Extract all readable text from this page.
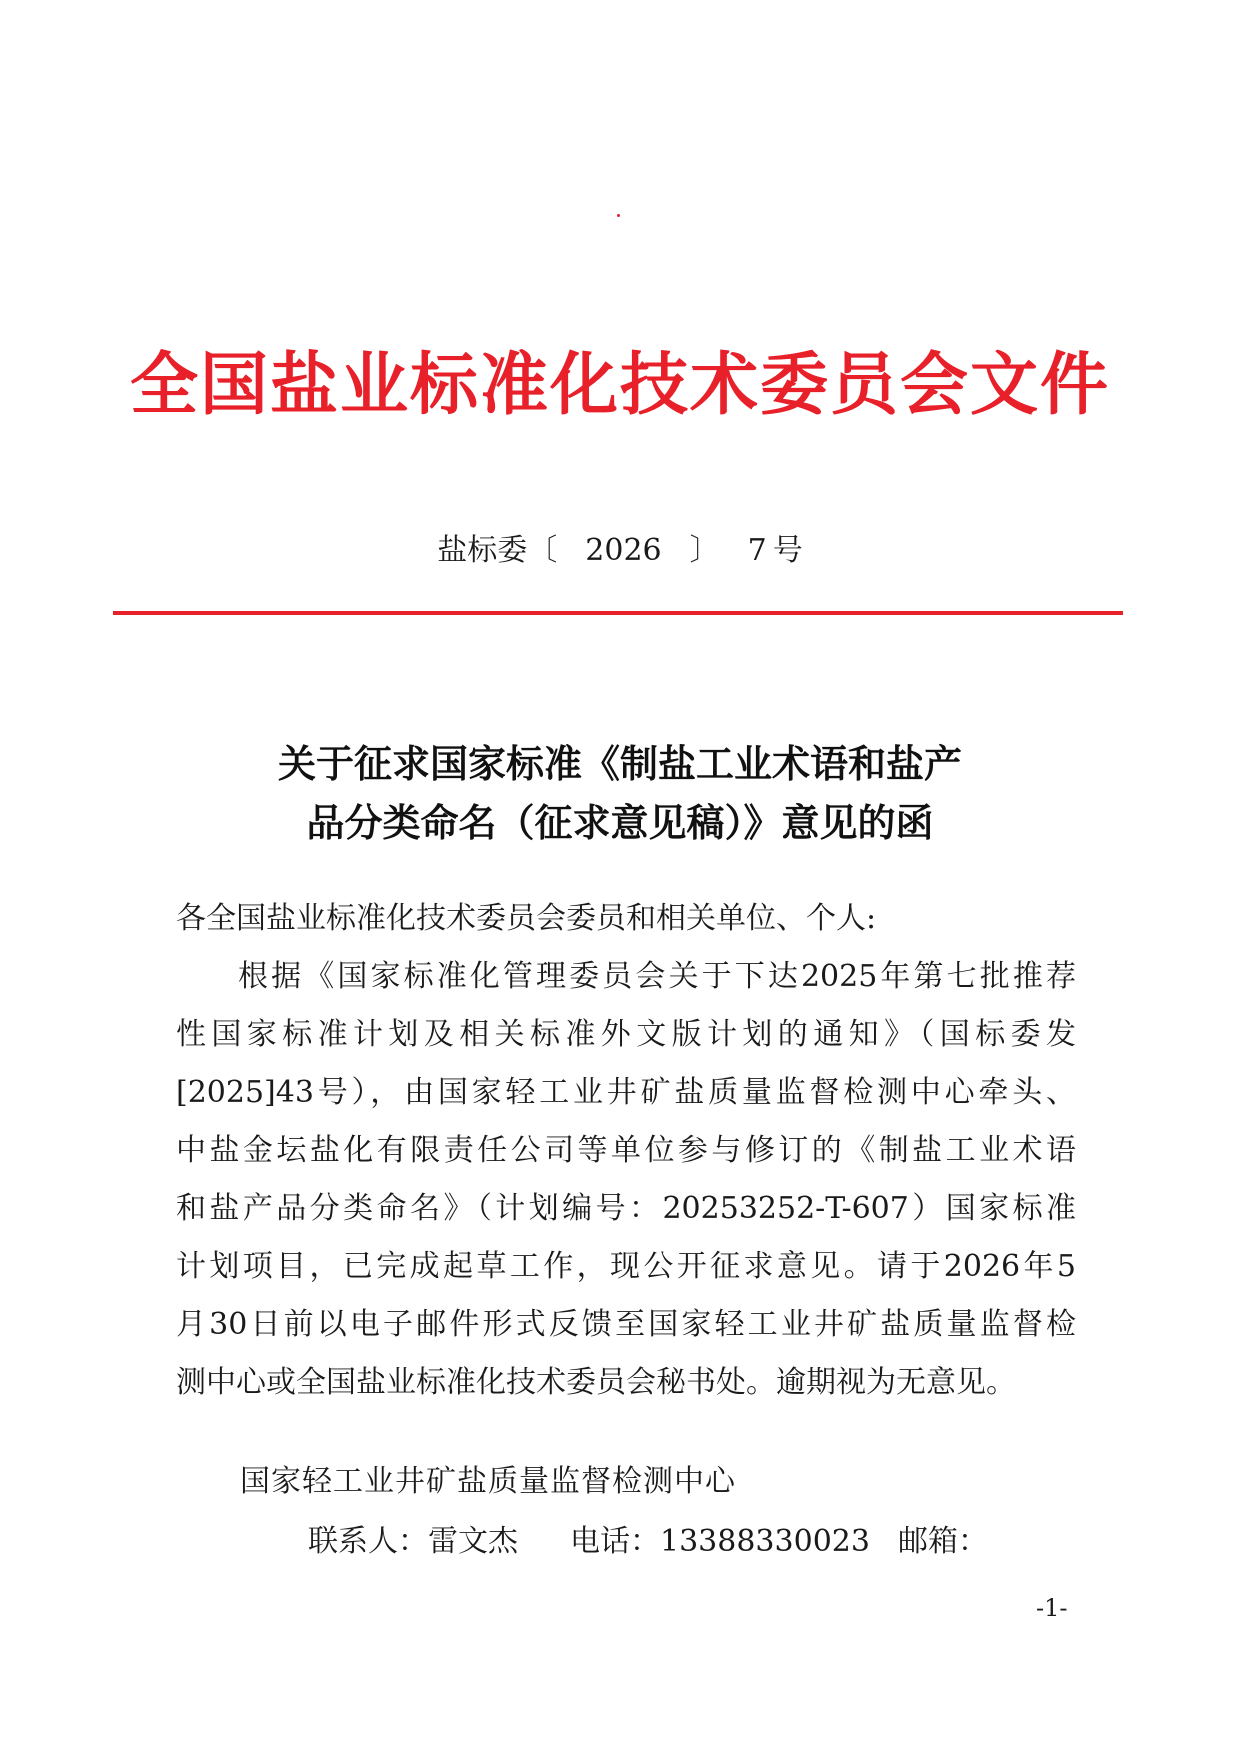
全国盐业标准化技术委员会文件
盐标委〔 2026 〕 7 号
关于征求国家标准《制盐工业术语和盐产
品分类命名（征求意见稿）》意见的函
各全国盐业标准化技术委员会委员和相关单位、个人:
根据《国家标准化管理委员会关于下达2025年第七批推荐
性国家标准计划及相关标准外文版计划的通知》（国标委发
[2025]43号），由国家轻工业井矿盐质量监督检测中心牵头、
中盐金坛盐化有限责任公司等单位参与修订的《制盐工业术语
和盐产品分类命名》（计划编号：20253252-T-607）国家标准
计划项目，已完成起草工作，现公开征求意见。请于2026年5
月30日前以电子邮件形式反馈至国家轻工业井矿盐质量监督检
测中心或全国盐业标准化技术委员会秘书处。逾期视为无意见。
国家轻工业井矿盐质量监督检测中心
联系人：雷文杰 电话：13388330023 邮箱：
-1-
